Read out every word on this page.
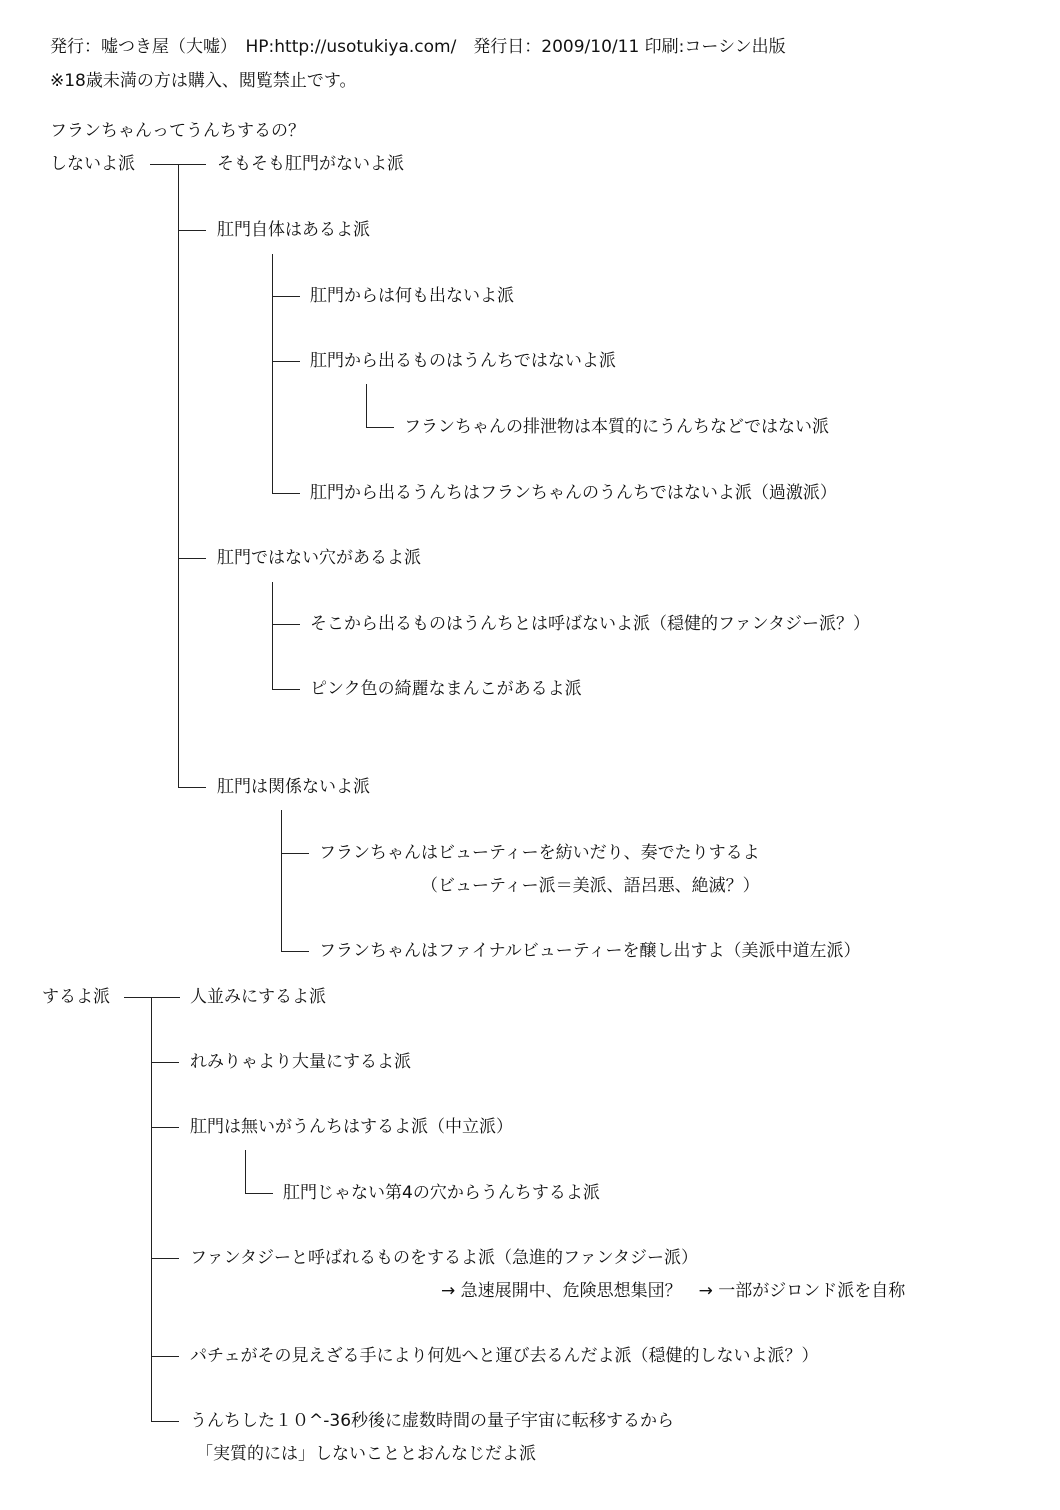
発行：嘘つき屋（大嘘）　HP:http://usotukiya.com/　発行日：2009/10/11 印刷:コーシン出版
※18歳未満の方は購入、閲覧禁止です。
フランちゃんってうんちするの？
しないよ派	そもそも肛門がないよ派
肛門自体はあるよ派
肛門からは何も出ないよ派
肛門から出るものはうんちではないよ派
フランちゃんの排泄物は本質的にうんちなどではない派
肛門から出るうんちはフランちゃんのうんちではないよ派（過激派）
肛門ではない穴があるよ派
そこから出るものはうんちとは呼ばないよ派（穏健的ファンタジー派？）
ピンク色の綺麗なまんこがあるよ派
肛門は関係ないよ派
フランちゃんはビューティーを紡いだり、奏でたりするよ
（ビューティー派＝美派、語呂悪、絶滅？）
フランちゃんはファイナルビューティーを醸し出すよ（美派中道左派）
するよ派	人並みにするよ派
れみりゃより大量にするよ派
肛門は無いがうんちはするよ派（中立派）
肛門じゃない第4の穴からうんちするよ派
ファンタジーと呼ばれるものをするよ派（急進的ファンタジー派）
→ 急速展開中、危険思想集団？　→ 一部がジロンド派を自称
パチェがその見えざる手により何処へと運び去るんだよ派（穏健的しないよ派？）
うんちした１０^-36秒後に虚数時間の量子宇宙に転移するから
「実質的には」しないこととおんなじだよ派
